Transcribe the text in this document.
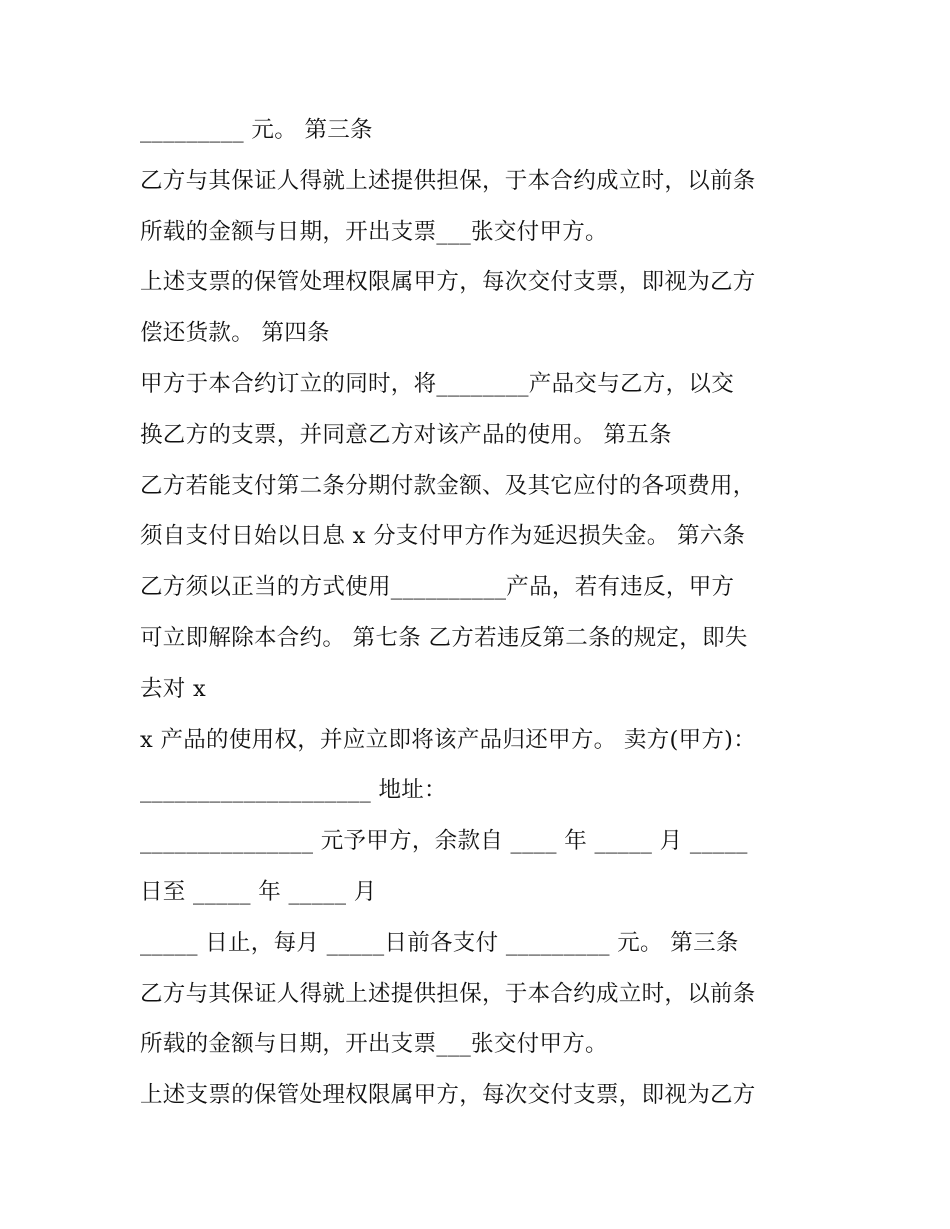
_________ 元。 第三条
乙方与其保证人得就上述提供担保，于本合约成立时，以前条
所载的金额与日期，开出支票___张交付甲方。
上述支票的保管处理权限属甲方，每次交付支票，即视为乙方
偿还货款。 第四条
甲方于本合约订立的同时，将________产品交与乙方，以交
换乙方的支票，并同意乙方对该产品的使用。 第五条
乙方若能支付第二条分期付款金额、及其它应付的各项费用，
须自支付日始以日息 x 分支付甲方作为延迟损失金。 第六条
乙方须以正当的方式使用__________产品，若有违反，甲方
可立即解除本合约。 第七条 乙方若违反第二条的规定，即失
去对 x
x 产品的使用权，并应立即将该产品归还甲方。 卖方(甲方)：
____________________ 地址：
_______________ 元予甲方，余款自 ____ 年 _____ 月 _____
日至 _____ 年 _____ 月
_____ 日止，每月 _____日前各支付 _________ 元。 第三条
乙方与其保证人得就上述提供担保，于本合约成立时，以前条
所载的金额与日期，开出支票___张交付甲方。
上述支票的保管处理权限属甲方，每次交付支票，即视为乙方
